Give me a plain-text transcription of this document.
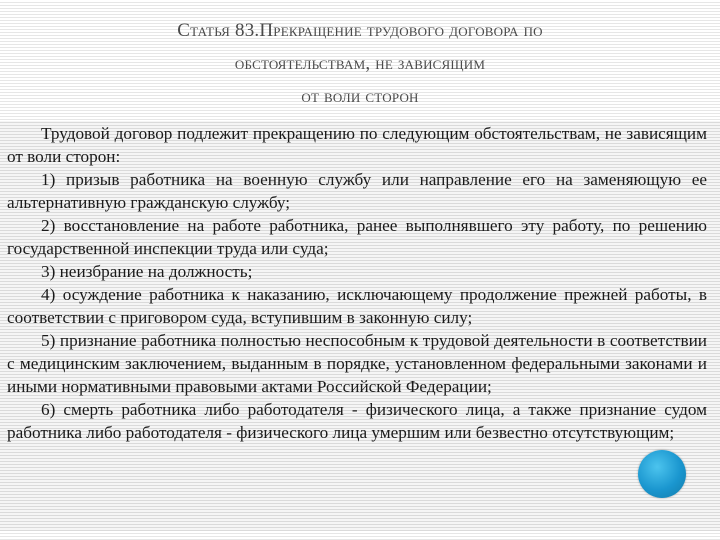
Статья 83.Прекращение трудового договора по
обстоятельствам, не зависящим
от воли сторон

Трудовой договор подлежит прекращению по следующим обстоятельствам, не зависящим от воли сторон:

1) призыв работника на военную службу или направление его на заменяющую ее альтернативную гражданскую службу;

2) восстановление на работе работника, ранее выполнявшего эту работу, по решению государственной инспекции труда или суда;

3) неизбрание на должность;

4) осуждение работника к наказанию, исключающему продолжение прежней работы, в соответствии с приговором суда, вступившим в законную силу;

5) признание работника полностью неспособным к трудовой деятельности в соответствии с медицинским заключением, выданным в порядке, установленном федеральными законами и иными нормативными правовыми актами Российской Федерации;

6) смерть работника либо работодателя - физического лица, а также признание судом работника либо работодателя - физического лица умершим или безвестно отсутствующим;
